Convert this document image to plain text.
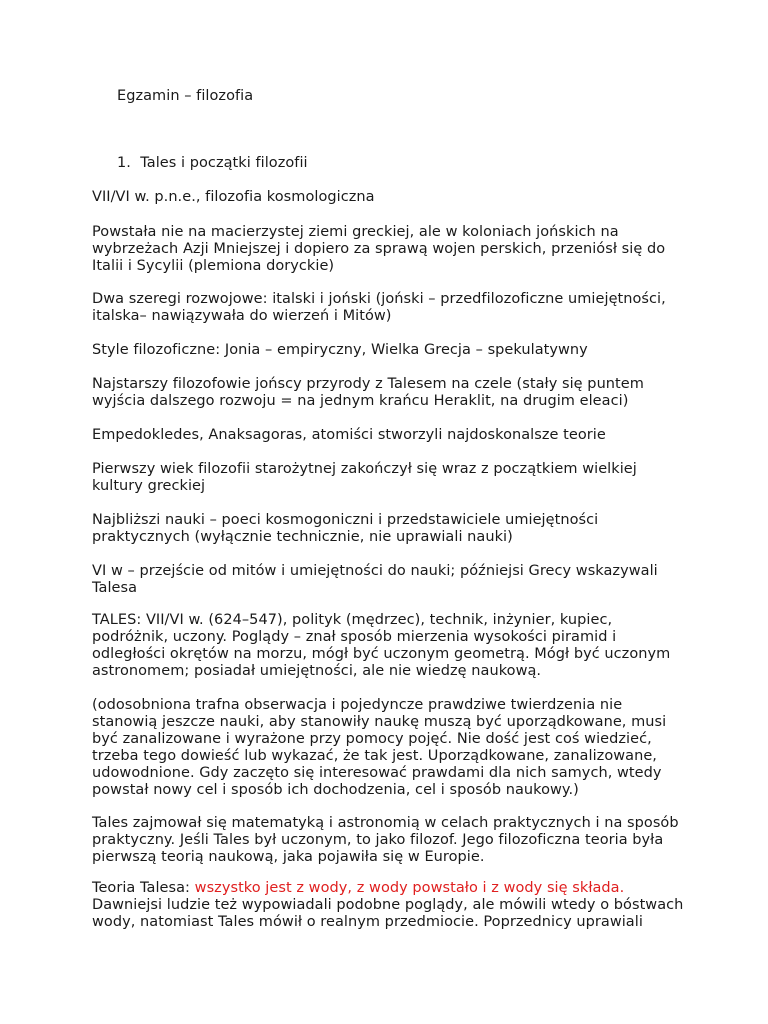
Egzamin – filozofia

1. Tales i początki filozofii

VII/VI w. p.n.e., filozofia kosmologiczna

Powstała nie na macierzystej ziemi greckiej, ale w koloniach jońskich na wybrzeżach Azji Mniejszej i dopiero za sprawą wojen perskich, przeniósł się do Italii i Sycylii (plemiona doryckie)

Dwa szeregi rozwojowe: italski i joński (joński – przedfilozoficzne umiejętności, italska– nawiązywała do wierzeń i Mitów)

Style filozoficzne: Jonia – empiryczny, Wielka Grecja – spekulatywny

Najstarszy filozofowie jońscy przyrody z Talesem na czele (stały się puntem wyjścia dalszego rozwoju = na jednym krańcu Heraklit, na drugim eleaci)

Empedokledes, Anaksagoras, atomiści stworzyli najdoskonalsze teorie

Pierwszy wiek filozofii starożytnej zakończył się wraz z początkiem wielkiej kultury greckiej

Najbliższi nauki – poeci kosmogoniczni i przedstawiciele umiejętności praktycznych (wyłącznie technicznie, nie uprawiali nauki)

VI w – przejście od mitów i umiejętności do nauki; późniejsi Grecy wskazywali Talesa

TALES: VII/VI w. (624–547), polityk (mędrzec), technik, inżynier, kupiec, podróżnik, uczony. Poglądy – znał sposób mierzenia wysokości piramid i odległości okrętów na morzu, mógł być uczonym geometrą. Mógł być uczonym astronomem; posiadał umiejętności, ale nie wiedzę naukową.

(odosobniona trafna obserwacja i pojedyncze prawdziwe twierdzenia nie stanowią jeszcze nauki, aby stanowiły naukę muszą być uporządkowane, musi być zanalizowane i wyrażone przy pomocy pojęć. Nie dość jest coś wiedzieć, trzeba tego dowieść lub wykazać, że tak jest. Uporządkowane, zanalizowane, udowodnione. Gdy zaczęto się interesować prawdami dla nich samych, wtedy powstał nowy cel i sposób ich dochodzenia, cel i sposób naukowy.)

Tales zajmował się matematyką i astronomią w celach praktycznych i na sposób praktyczny. Jeśli Tales był uczonym, to jako filozof. Jego filozoficzna teoria była pierwszą teorią naukową, jaka pojawiła się w Europie.

Teoria Talesa: wszystko jest z wody, z wody powstało i z wody się składa. Dawniejsi ludzie też wypowiadali podobne poglądy, ale mówili wtedy o bóstwach wody, natomiast Tales mówił o realnym przedmiocie. Poprzednicy uprawiali
